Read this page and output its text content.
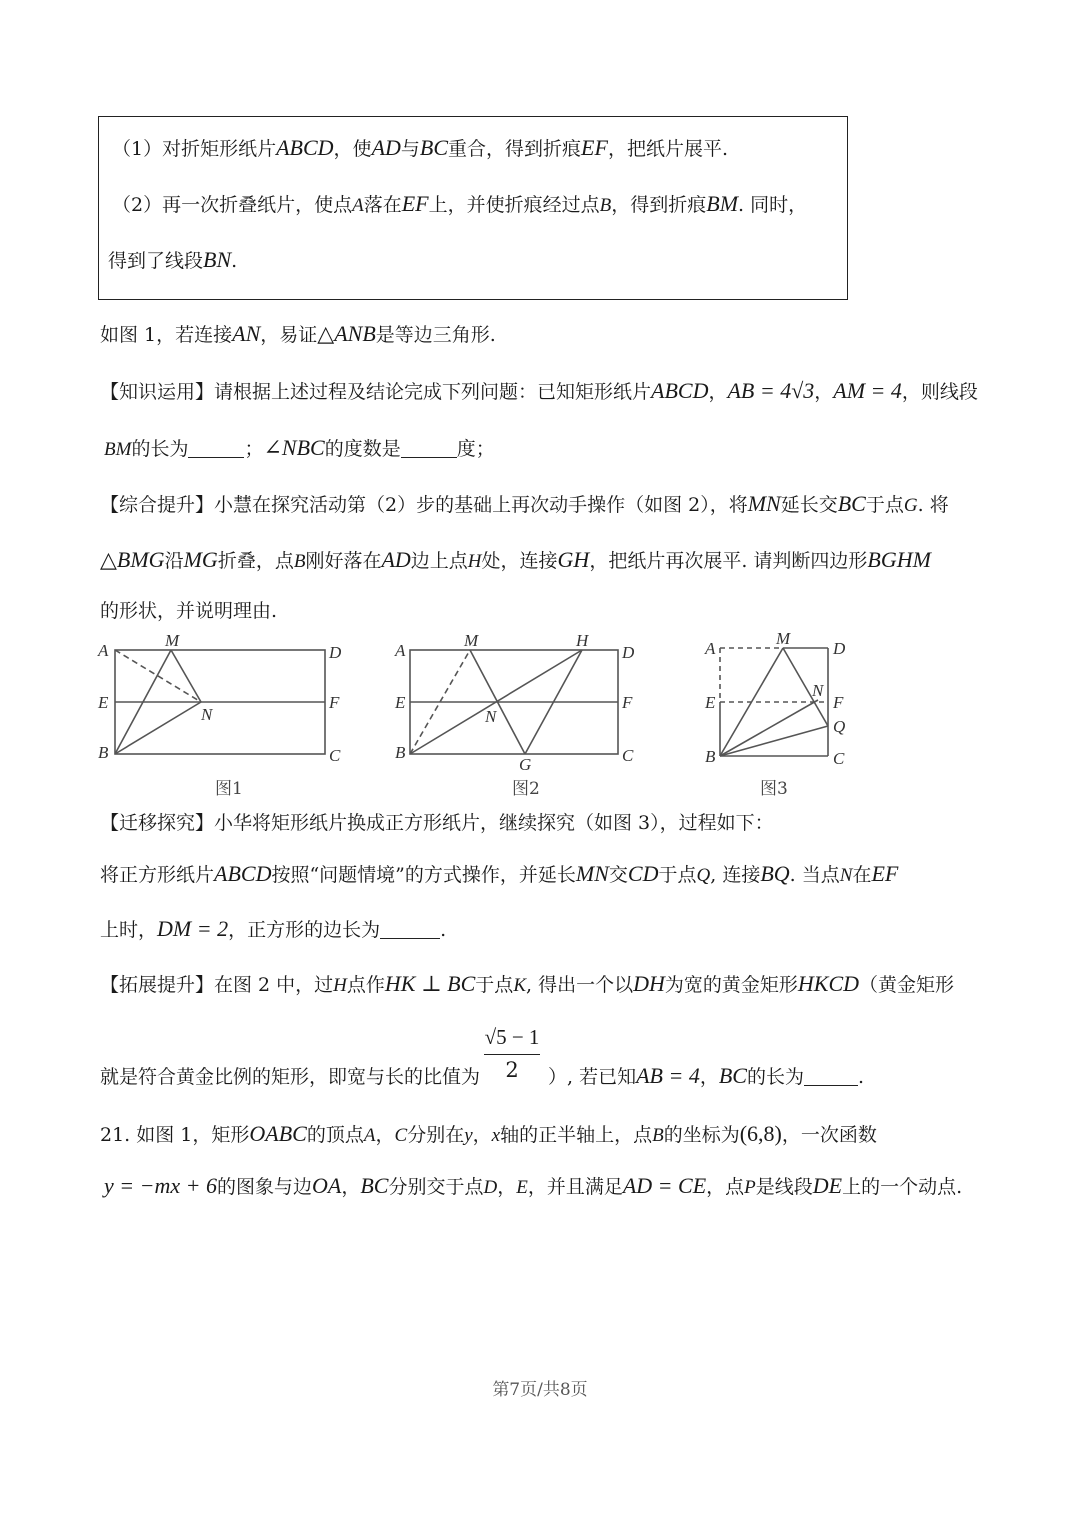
（1）对折矩形纸片ABCD，使AD与BC重合，得到折痕EF，把纸片展平.
（2）再一次折叠纸片，使点A落在EF上，并使折痕经过点B，得到折痕BM. 同时，
得到了线段BN.
如图 1，若连接AN，易证△ANB是等边三角形.
【知识运用】请根据上述过程及结论完成下列问题：已知矩形纸片ABCD，AB = 4√3，AM = 4，则线段
BM的长为	；∠NBC的度数是	度；
【综合提升】小慧在探究活动第（2）步的基础上再次动手操作（如图 2），将MN延长交BC于点G. 将
△BMG沿MG折叠，点B刚好落在AD边上点H处，连接GH，把纸片再次展平. 请判断四边形BGHM
的形状，并说明理由.
A
M
D
E
N
F
B	C
图1
A
M	H
D
E
N
F
B
G	C
图2
A
M
D
E
N
F
Q
B	C
图3
【迁移探究】小华将矩形纸片换成正方形纸片，继续探究（如图 3），过程如下：
将正方形纸片ABCD按照“问题情境”的方式操作，并延长MN交CD于点Q, 连接BQ. 当点N在EF
上时，DM = 2，正方形的边长为	.
【拓展提升】在图 2 中，过H点作HK ⊥ BC于点K, 得出一个以DH为宽的黄金矩形HKCD（黄金矩形
$\frac{√5 - 1}{2}$
就是符合黄金比例的矩形，即宽与长的比值为	）, 若已知AB = 4，BC的长为	.
21. 如图 1，矩形OABC的顶点A，C分别在y，x轴的正半轴上，点B的坐标为(6,8)，一次函数
y = −mx + 6的图象与边OA，BC分别交于点D，E，并且满足AD = CE，点P是线段DE上的一个动点.
第7页/共8页
